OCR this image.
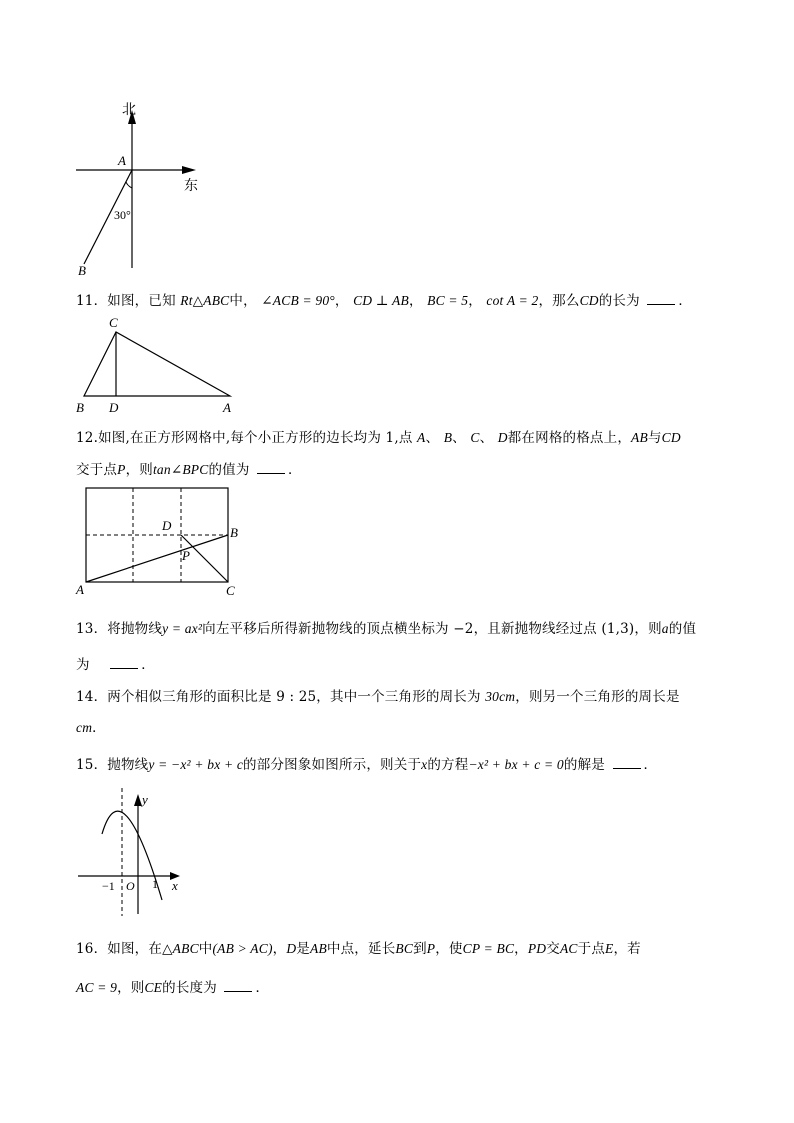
北
东
A
B
30°
11．如图，已知 Rt△ABC中， ∠ACB = 90°， CD ⊥ AB， BC = 5， cot A = 2，那么CD的长为	．
C
B D	A
12.如图,在正方形网格中,每个小正方形的边长均为 1,点 A、 B、 C、 D都在网格的格点上，AB与CD
交于点P，则tan∠BPC的值为	．
D	B
P
A	C
13．将抛物线y = ax²向左平移后所得新抛物线的顶点横坐标为 −2，且新抛物线经过点 (1,3)，则a的值
为	．
14．两个相似三角形的面积比是 9 : 25，其中一个三角形的周长为 30cm，则另一个三角形的周长是
cm．
15．抛物线y = −x² + bx + c的部分图象如图所示，则关于x的方程−x² + bx + c = 0的解是	．
y
x
O
−1	1
16．如图，在△ABC中(AB > AC)，D是AB中点，延长BC到P，使CP = BC，PD交AC于点E，若
AC = 9，则CE的长度为	．
